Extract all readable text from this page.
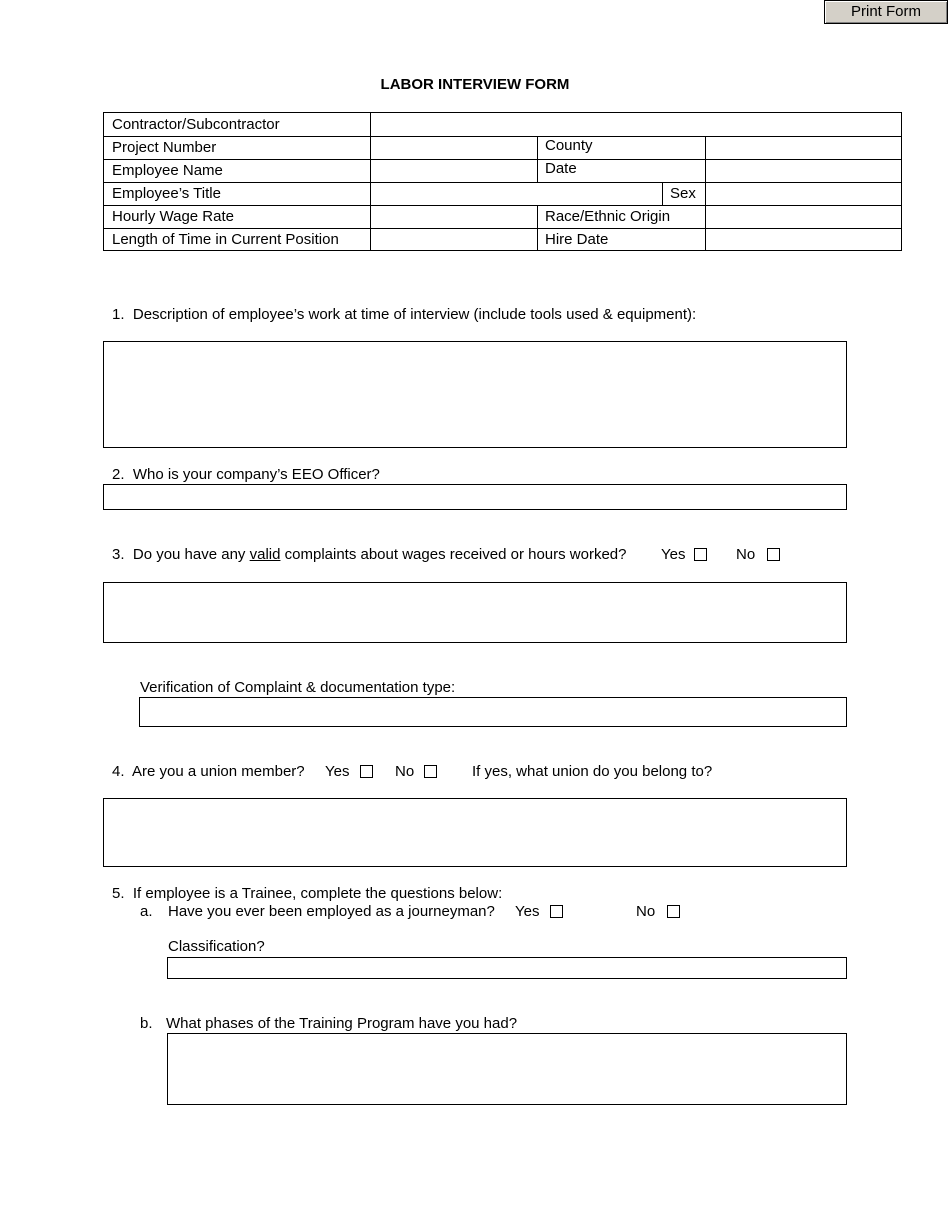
Print Form
LABOR INTERVIEW FORM
Contractor/Subcontractor
Project Number	County
Employee Name	Date
Employee’s Title	Sex
Hourly Wage Rate	Race/Ethnic Origin
Length of Time in Current Position	Hire Date
1. Description of employee’s work at time of interview (include tools used & equipment):
2. Who is your company’s EEO Officer?
3. Do you have any valid complaints about wages received or hours worked? Yes	No
Verification of Complaint & documentation type:
4. Are you a union member? Yes	No	If yes, what union do you belong to?
5. If employee is a Trainee, complete the questions below:
a. Have you ever been employed as a journeyman? Yes	No
Classification?
b. What phases of the Training Program have you had?
